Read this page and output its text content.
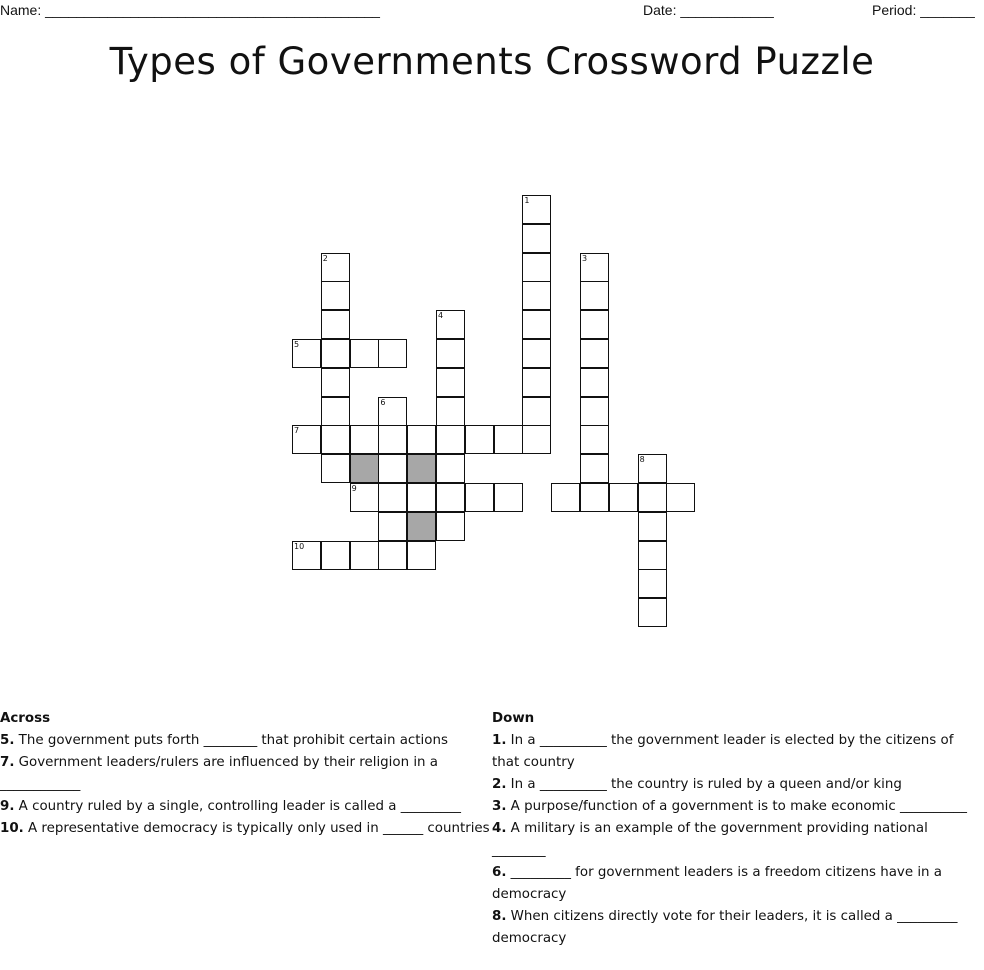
Name: ___________________________________________	Date: ____________	Period: _______
Types of Governments Crossword Puzzle
1
2	3
4
5
6
7
8
9
10
Across
5. The government puts forth ________ that prohibit certain actions
7. Government leaders/rulers are influenced by their religion in a ____________
9. A country ruled by a single, controlling leader is called a _________
10. A representative democracy is typically only used in ______ countries
Down
1. In a __________ the government leader is elected by the citizens of that country
2. In a __________ the country is ruled by a queen and/or king
3. A purpose/function of a government is to make economic __________
4. A military is an example of the government providing national ________
6. _________ for government leaders is a freedom citizens have in a democracy
8. When citizens directly vote for their leaders, it is called a _________ democracy
